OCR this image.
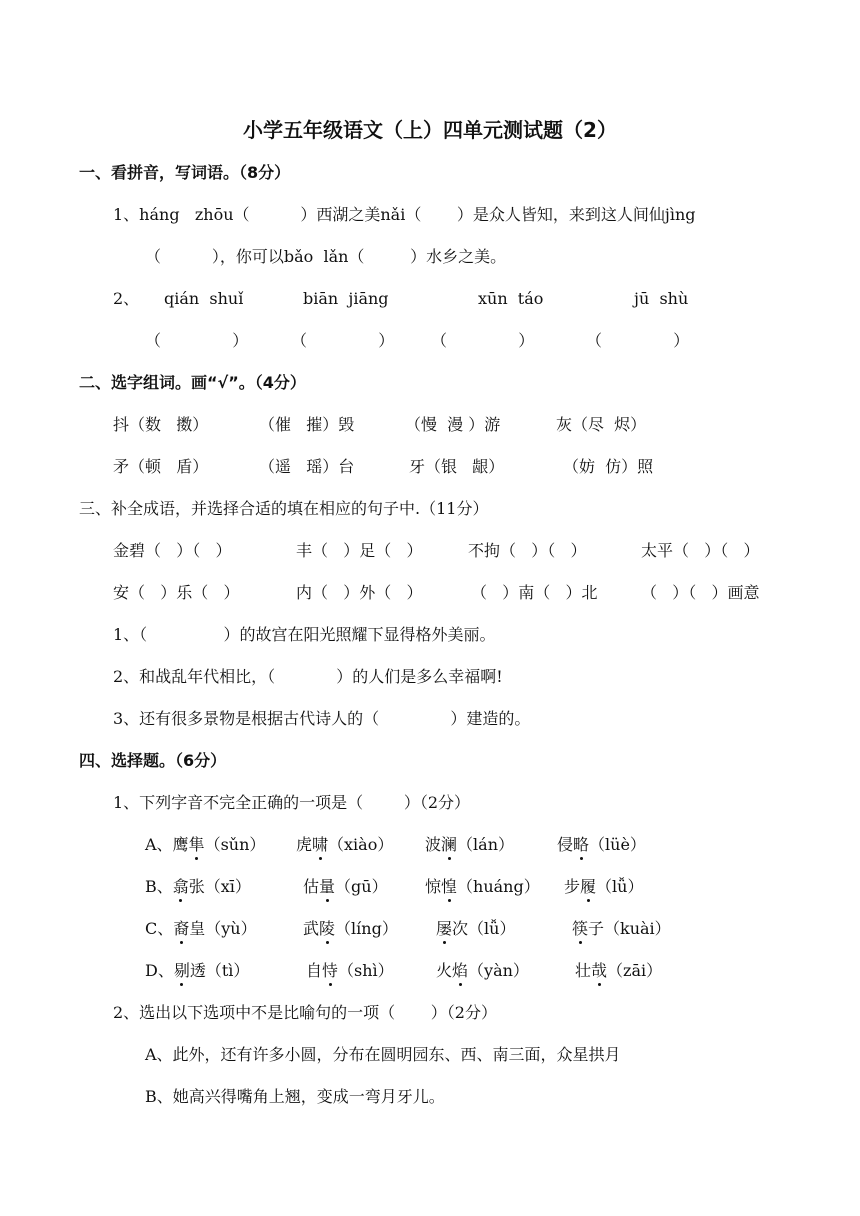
小学五年级语文（上）四单元测试题（2）
一、看拼音，写词语。（8分）
1、háng   zhōu（          ）西湖之美nǎi（       ）是众人皆知，来到这人间仙jìng
（          ），你可以bǎo  lǎn（         ）水乡之美。
2、 qián  shuǐ	biān  jiāng	xūn  táo	jū  shù
（              ）	（              ） （              ）	（              ）
二、选字组词。画“√”。（4分）
抖（数   擞）	（催   摧）毁	（慢  漫 ）游	灰（尽  烬）
矛（顿   盾）	（遥   瑶）台	牙（银   龈）	（妨  仿）照
三、补全成语，并选择合适的填在相应的句子中.（11分）
金碧（   ）（   ）	丰（   ）足（   ）	不拘（   ）（   ）	太平（   ）（   ）
安（   ）乐（   ）	内（   ）外（   ）	（   ）南（   ）北	（   ）（   ）画意
1、（               ）的故宫在阳光照耀下显得格外美丽。
2、和战乱年代相比，（            ）的人们是多么幸福啊!
3、还有很多景物是根据古代诗人的（              ）建造的。
四、选择题。（6分）
1、下列字音不完全正确的一项是（        ）（2分）
A、鹰隼（sǔn） 虎啸（xiào） 波澜（lán）	侵略（lüè）
B、翕张（xī）	估量（gū） 惊惶（huáng） 步履（lǚ）
C、裔皇（yù）	武陵（líng） 屡次（lǚ）	筷子（kuài）
D、剔透（tì）	自恃（shì）	火焰（yàn）	壮哉（zāi）
2、选出以下选项中不是比喻句的一项（       ）（2分）
A、此外，还有许多小圆，分布在圆明园东、西、南三面，众星拱月
B、她高兴得嘴角上翘，变成一弯月牙儿。
